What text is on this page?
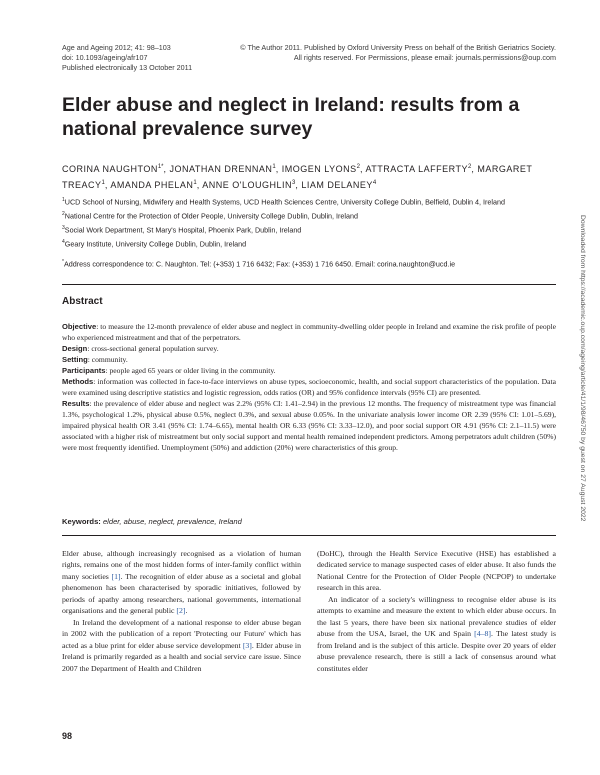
Age and Ageing 2012; 41: 98–103	© The Author 2011. Published by Oxford University Press on behalf of the British Geriatrics Society.
doi: 10.1093/ageing/afr107	All rights reserved. For Permissions, please email: journals.permissions@oup.com
Published electronically 13 October 2011
Elder abuse and neglect in Ireland: results from a national prevalence survey
CORINA $NAUGHTON^{1*}$, JONATHAN DRENNAN$^1$, IMOGEN LYONS$^2$, ATTRACTA LAFFERTY$^2$, MARGARET TREACY$^1$, AMANDA PHELAN$^1$, ANNE O'LOUGHLIN$^3$, LIAM DELANEY$^4$

$^1$UCD School of Nursing, Midwifery and Health Systems, UCD Health Sciences Centre, University College Dublin, Belfield, Dublin 4, Ireland

$^2$National Centre for the Protection of Older People, University College Dublin, Dublin, Ireland

$^3$Social Work Department, St Mary's Hospital, Phoenix Park, Dublin, Ireland

$^4$Geary Institute, University College Dublin, Dublin, Ireland

*Address correspondence to: C. Naughton. Tel: (+353) 1 716 6432; Fax: (+353) 1 716 6450. Email: corina.naughton@ucd.ie

Abstract

Objective: to measure the 12-month prevalence of elder abuse and neglect in community-dwelling older people in Ireland and examine the risk profile of people who experienced mistreatment and that of the perpetrators.

Design: cross-sectional general population survey.

Setting: community.

Participants: people aged 65 years or older living in the community.

Methods: information was collected in face-to-face interviews on abuse types, socioeconomic, health, and social support characteristics of the population. Data were examined using descriptive statistics and logistic regression, odds ratios (OR) and 95% confidence intervals (95% CI) are presented.

Results: the prevalence of elder abuse and neglect was 2.2% (95% CI: 1.41–2.94) in the previous 12 months. The frequency of mistreatment type was financial 1.3%, psychological 1.2%, physical abuse 0.5%, neglect 0.3%, and sexual abuse 0.05%. In the univariate analysis lower income OR 2.39 (95% CI: 1.01–5.69), impaired physical health OR 3.41 (95% CI: 1.74–6.65), mental health OR 6.33 (95% CI: 3.33–12.0), and poor social support OR 4.91 (95% CI: 2.1–11.5) were associated with a higher risk of mistreatment but only social support and mental health remained independent predictors. Among perpetrators adult children (50%) were most frequently identified. Unemployment (50%) and addiction (20%) were characteristics of this group.

Keywords: elder, abuse, neglect, prevalence, Ireland

Elder abuse, although increasingly recognised as a violation of human rights, remains one of the most hidden forms of inter-family conflict within many societies [1]. The recognition of elder abuse as a societal and global phenomenon has been characterised by sporadic initiatives, followed by periods of apathy among researchers, national governments, international organisations and the general public [2].

In Ireland the development of a national response to elder abuse began in 2002 with the publication of a report 'Protecting our Future' which has acted as a blue print for elder abuse service development [3]. Elder abuse in Ireland is primarily regarded as a health and social service care issue. Since 2007 the Department of Health and Children

(DoHC), through the Health Service Executive (HSE) has established a dedicated service to manage suspected cases of elder abuse. It also funds the National Centre for the Protection of Older People (NCPOP) to undertake research in this area.

An indicator of a society's willingness to recognise elder abuse is its attempts to examine and measure the extent to which elder abuse occurs. In the last 5 years, there have been six national prevalence studies of elder abuse from the USA, Israel, the UK and Spain [4–8]. The latest study is from Ireland and is the subject of this article. Despite over 20 years of elder abuse prevalence research, there is still a lack of consensus around what constitutes elder

98
Downloaded from https://academic.oup.com/ageing/article/41/1/98/46750 by guest on 27 August 2022
